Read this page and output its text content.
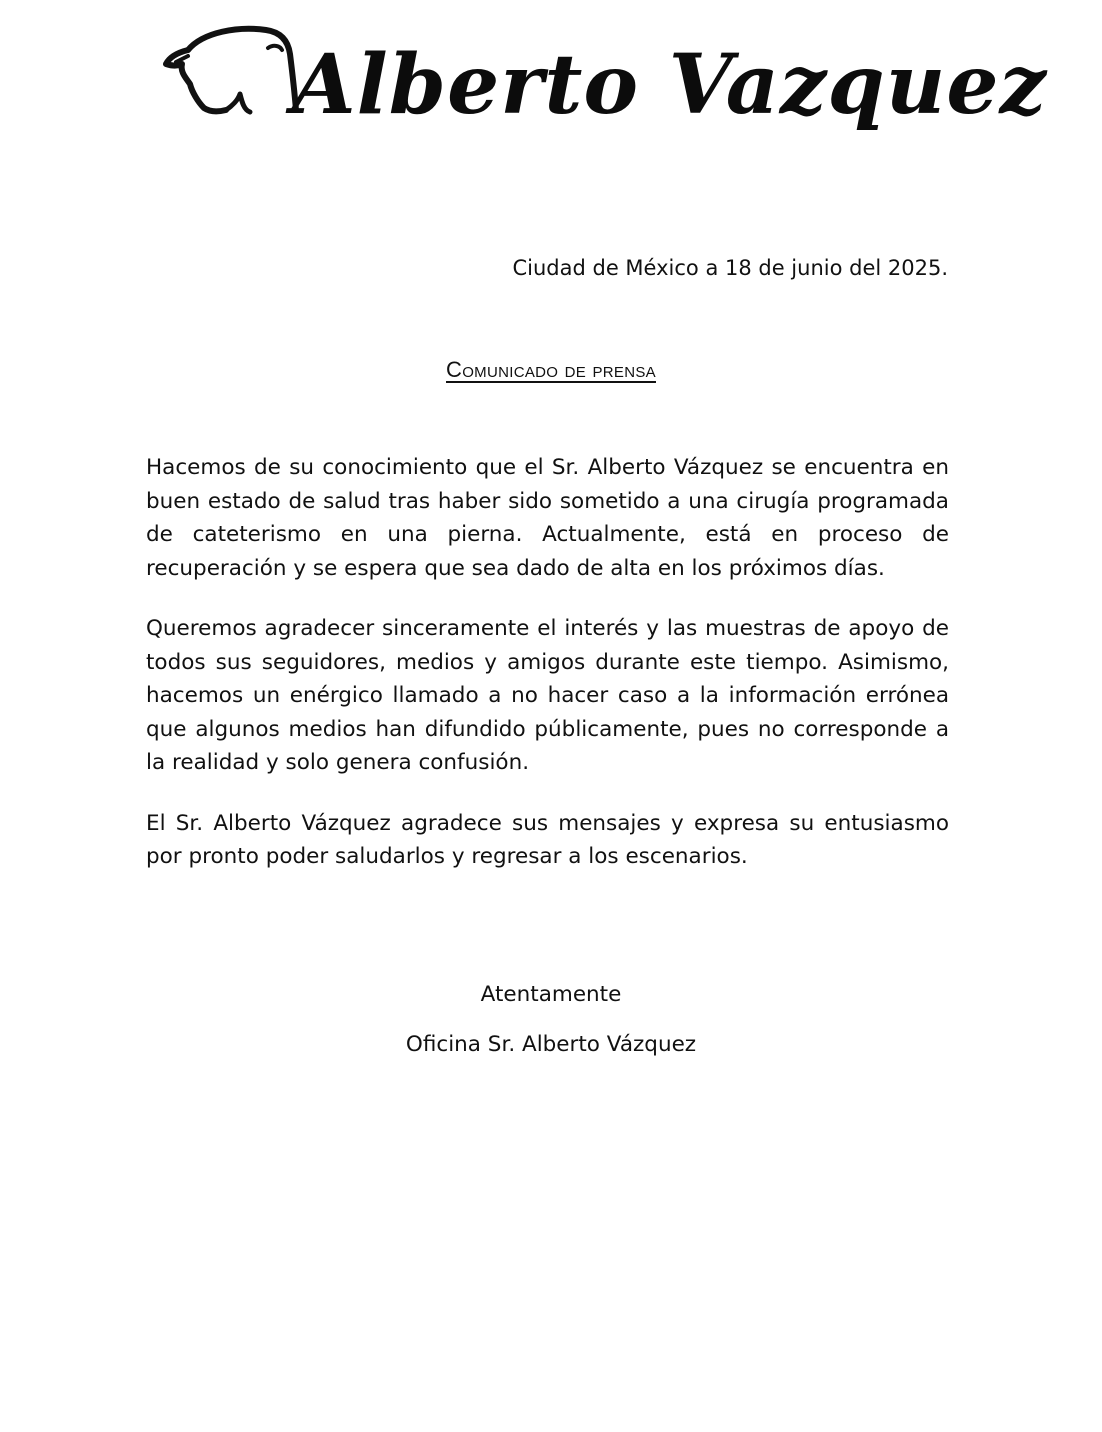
Alberto Vazquez
Ciudad de México a 18 de junio del 2025.
Comunicado de prensa

Hacemos de su conocimiento que el Sr. Alberto Vázquez se encuentra en buen estado de salud tras haber sido sometido a una cirugía programada de cateterismo en una pierna. Actualmente, está en proceso de recuperación y se espera que sea dado de alta en los próximos días.

Queremos agradecer sinceramente el interés y las muestras de apoyo de todos sus seguidores, medios y amigos durante este tiempo. Asimismo, hacemos un enérgico llamado a no hacer caso a la información errónea que algunos medios han difundido públicamente, pues no corresponde a la realidad y solo genera confusión.

El Sr. Alberto Vázquez agradece sus mensajes y expresa su entusiasmo por pronto poder saludarlos y regresar a los escenarios.

Atentamente
Oficina Sr. Alberto Vázquez
